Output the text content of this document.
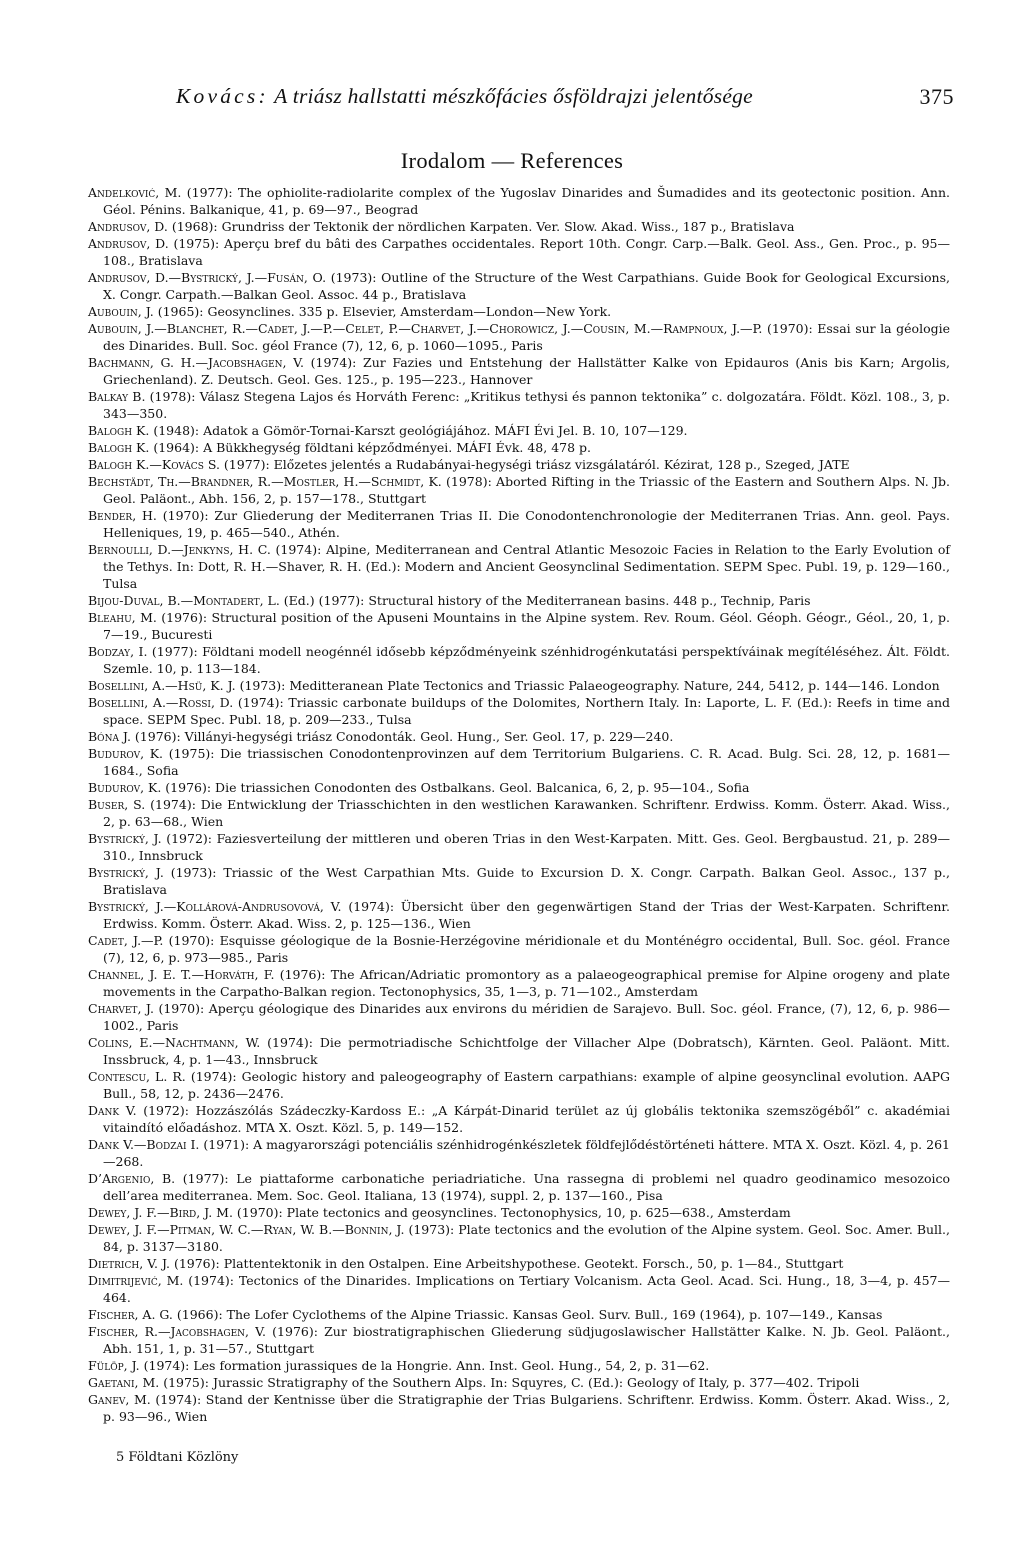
Kovács: A triász hallstatti mészkőfácies ősföldrajzi jelentősége	375
Irodalom — References

Andelković, M. (1977): The ophiolite-radiolarite complex of the Yugoslav Dinarides and Šumadides and its geotectonic position. Ann. Géol. Pénins. Balkanique, 41, p. 69—97., Beograd

Andrusov, D. (1968): Grundriss der Tektonik der nördlichen Karpaten. Ver. Slow. Akad. Wiss., 187 p., Bratislava

Andrusov, D. (1975): Aperçu bref du bâti des Carpathes occidentales. Report 10th. Congr. Carp.—Balk. Geol. Ass., Gen. Proc., p. 95—108., Bratislava

Andrusov, D.—Bystrický, J.—Fusán, O. (1973): Outline of the Structure of the West Carpathians. Guide Book for Geological Excursions, X. Congr. Carpath.—Balkan Geol. Assoc. 44 p., Bratislava

Aubouin, J. (1965): Geosynclines. 335 p. Elsevier, Amsterdam—London—New York.

Aubouin, J.—Blanchet, R.—Cadet, J.—P.—Celet, P.—Charvet, J.—Chorowicz, J.—Cousin, M.—Rampnoux, J.—P. (1970): Essai sur la géologie des Dinarides. Bull. Soc. géol France (7), 12, 6, p. 1060—1095., Paris

Bachmann, G. H.—Jacobshagen, V. (1974): Zur Fazies und Entstehung der Hallstätter Kalke von Epidauros (Anis bis Karn; Argolis, Griechenland). Z. Deutsch. Geol. Ges. 125., p. 195—223., Hannover

Balkay B. (1978): Válasz Stegena Lajos és Horváth Ferenc: „Kritikus tethysi és pannon tektonika” c. dolgozatára. Földt. Közl. 108., 3, p. 343—350.

Balogh K. (1948): Adatok a Gömör-Tornai-Karszt geológiájához. MÁFI Évi Jel. B. 10, 107—129.

Balogh K. (1964): A Bükkhegység földtani képződményei. MÁFI Évk. 48, 478 p.

Balogh K.—Kovács S. (1977): Előzetes jelentés a Rudabányai-hegységi triász vizsgálatáról. Kézirat, 128 p., Szeged, JATE

Bechstädt, Th.—Brandner, R.—Mostler, H.—Schmidt, K. (1978): Aborted Rifting in the Triassic of the Eastern and Southern Alps. N. Jb. Geol. Paläont., Abh. 156, 2, p. 157—178., Stuttgart

Bender, H. (1970): Zur Gliederung der Mediterranen Trias II. Die Conodontenchronologie der Mediterranen Trias. Ann. geol. Pays. Helleniques, 19, p. 465—540., Athén.

Bernoulli, D.—Jenkyns, H. C. (1974): Alpine, Mediterranean and Central Atlantic Mesozoic Facies in Relation to the Early Evolution of the Tethys. In: Dott, R. H.—Shaver, R. H. (Ed.): Modern and Ancient Geosynclinal Sedimentation. SEPM Spec. Publ. 19, p. 129—160., Tulsa

Bijou-Duval, B.—Montadert, L. (Ed.) (1977): Structural history of the Mediterranean basins. 448 p., Technip, Paris

Bleahu, M. (1976): Structural position of the Apuseni Mountains in the Alpine system. Rev. Roum. Géol. Géoph. Géogr., Géol., 20, 1, p. 7—19., Bucuresti

Bodzay, I. (1977): Földtani modell neogénnél idősebb képződményeink szénhidrogénkutatási perspektíváinak megítéléséhez. Ált. Földt. Szemle. 10, p. 113—184.

Bosellini, A.—Hsü, K. J. (1973): Meditteranean Plate Tectonics and Triassic Palaeogeography. Nature, 244, 5412, p. 144—146. London

Bosellini, A.—Rossi, D. (1974): Triassic carbonate buildups of the Dolomites, Northern Italy. In: Laporte, L. F. (Ed.): Reefs in time and space. SEPM Spec. Publ. 18, p. 209—233., Tulsa

Bóna J. (1976): Villányi-hegységi triász Conodonták. Geol. Hung., Ser. Geol. 17, p. 229—240.

Budurov, K. (1975): Die triassischen Conodontenprovinzen auf dem Territorium Bulgariens. C. R. Acad. Bulg. Sci. 28, 12, p. 1681—1684., Sofia

Budurov, K. (1976): Die triassichen Conodonten des Ostbalkans. Geol. Balcanica, 6, 2, p. 95—104., Sofia

Buser, S. (1974): Die Entwicklung der Triasschichten in den westlichen Karawanken. Schriftenr. Erdwiss. Komm. Österr. Akad. Wiss., 2, p. 63—68., Wien

Bystrický, J. (1972): Faziesverteilung der mittleren und oberen Trias in den West-Karpaten. Mitt. Ges. Geol. Bergbaustud. 21, p. 289—310., Innsbruck

Bystrický, J. (1973): Triassic of the West Carpathian Mts. Guide to Excursion D. X. Congr. Carpath. Balkan Geol. Assoc., 137 p., Bratislava

Bystrický, J.—Kollárová-Andrusovová, V. (1974): Übersicht über den gegenwärtigen Stand der Trias der West-Karpaten. Schriftenr. Erdwiss. Komm. Österr. Akad. Wiss. 2, p. 125—136., Wien

Cadet, J.—P. (1970): Esquisse géologique de la Bosnie-Herzégovine méridionale et du Monténégro occidental, Bull. Soc. géol. France (7), 12, 6, p. 973—985., Paris

Channel, J. E. T.—Horváth, F. (1976): The African/Adriatic promontory as a palaeogeographical premise for Alpine orogeny and plate movements in the Carpatho-Balkan region. Tectonophysics, 35, 1—3, p. 71—102., Amsterdam

Charvet, J. (1970): Aperçu géologique des Dinarides aux environs du méridien de Sarajevo. Bull. Soc. géol. France, (7), 12, 6, p. 986—1002., Paris

Colins, E.—Nachtmann, W. (1974): Die permotriadische Schichtfolge der Villacher Alpe (Dobratsch), Kärnten. Geol. Paläont. Mitt. Inssbruck, 4, p. 1—43., Innsbruck

Contescu, L. R. (1974): Geologic history and paleogeography of Eastern carpathians: example of alpine geosynclinal evolution. AAPG Bull., 58, 12, p. 2436—2476.

Dank V. (1972): Hozzászólás Szádeczky-Kardoss E.: „A Kárpát-Dinarid terület az új globális tektonika szemszögéből” c. akadémiai vitaindító előadáshoz. MTA X. Oszt. Közl. 5, p. 149—152.

Dank V.—Bodzai I. (1971): A magyarországi potenciális szénhidrogénkészletek földfejlődéstörténeti háttere. MTA X. Oszt. Közl. 4, p. 261—268.

D’Argenio, B. (1977): Le piattaforme carbonatiche periadriatiche. Una rassegna di problemi nel quadro geodinamico mesozoico dell’area mediterranea. Mem. Soc. Geol. Italiana, 13 (1974), suppl. 2, p. 137—160., Pisa

Dewey, J. F.—Bird, J. M. (1970): Plate tectonics and geosynclines. Tectonophysics, 10, p. 625—638., Amsterdam

Dewey, J. F.—Pitman, W. C.—Ryan, W. B.—Bonnin, J. (1973): Plate tectonics and the evolution of the Alpine system. Geol. Soc. Amer. Bull., 84, p. 3137—3180.

Dietrich, V. J. (1976): Plattentektonik in den Ostalpen. Eine Arbeitshypothese. Geotekt. Forsch., 50, p. 1—84., Stuttgart

Dimitrijević, M. (1974): Tectonics of the Dinarides. Implications on Tertiary Volcanism. Acta Geol. Acad. Sci. Hung., 18, 3—4, p. 457—464.

Fischer, A. G. (1966): The Lofer Cyclothems of the Alpine Triassic. Kansas Geol. Surv. Bull., 169 (1964), p. 107—149., Kansas

Fischer, R.—Jacobshagen, V. (1976): Zur biostratigraphischen Gliederung südjugoslawischer Hallstätter Kalke. N. Jb. Geol. Paläont., Abh. 151, 1, p. 31—57., Stuttgart

Fülöp, J. (1974): Les formation jurassiques de la Hongrie. Ann. Inst. Geol. Hung., 54, 2, p. 31—62.

Gaetani, M. (1975): Jurassic Stratigraphy of the Southern Alps. In: Squyres, C. (Ed.): Geology of Italy, p. 377—402. Tripoli

Ganev, M. (1974): Stand der Kentnisse über die Stratigraphie der Trias Bulgariens. Schriftenr. Erdwiss. Komm. Österr. Akad. Wiss., 2, p. 93—96., Wien

5 Földtani Közlöny
